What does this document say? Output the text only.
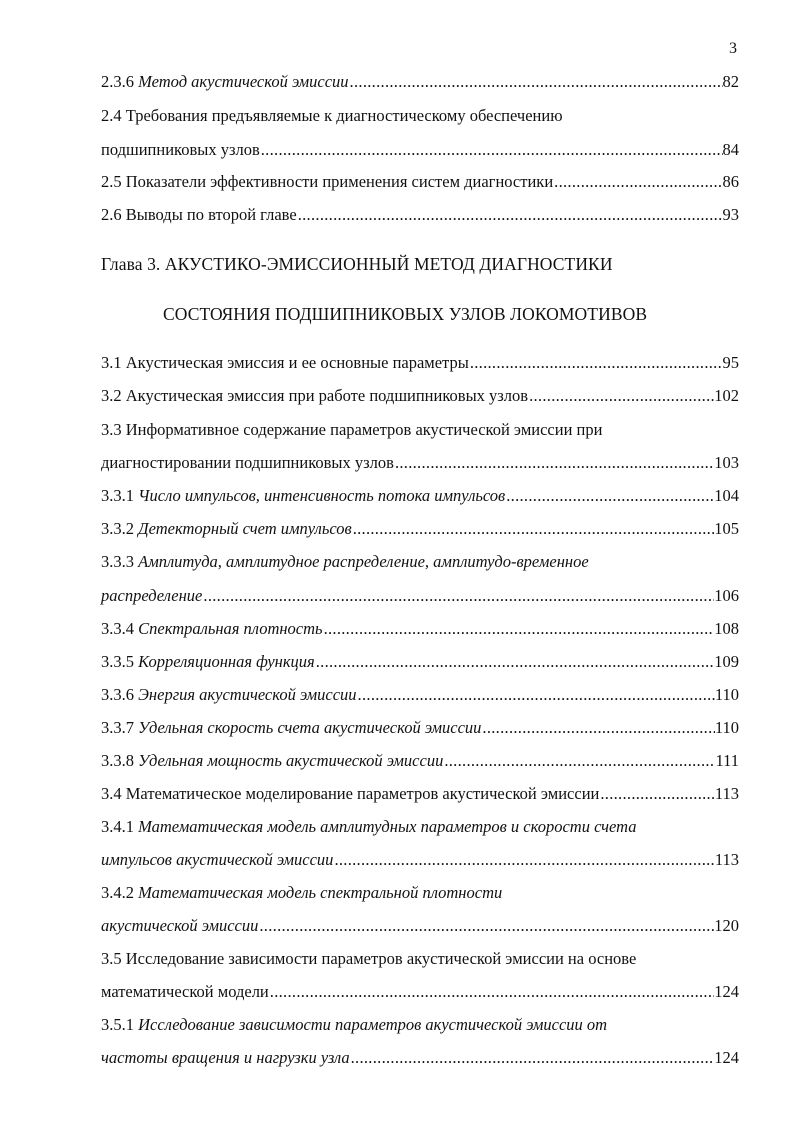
3
2.3.6 Метод акустической эмиссии .....	82
2.4 Требования предъявляемые к диагностическому обеспечению
подшипниковых узлов .....	84
2.5 Показатели эффективности применения систем диагностики .....	86
2.6 Выводы по второй главе .....	93
Глава 3. АКУСТИКО-ЭМИССИОННЫЙ МЕТОД ДИАГНОСТИКИ
СОСТОЯНИЯ ПОДШИПНИКОВЫХ УЗЛОВ ЛОКОМОТИВОВ
3.1 Акустическая эмиссия и ее основные параметры .....	95
3.2 Акустическая эмиссия при работе подшипниковых узлов .....	102
3.3 Информативное содержание параметров акустической эмиссии при
диагностировании подшипниковых узлов .....	103
3.3.1 Число импульсов, интенсивность потока импульсов .....	104
3.3.2 Детекторный счет импульсов .....	105
3.3.3 Амплитуда, амплитудное распределение, амплитудо-временное
распределение .....	106
3.3.4 Спектральная плотность .....	108
3.3.5 Корреляционная функция .....	109
3.3.6 Энергия акустической эмиссии .....	110
3.3.7 Удельная скорость счета акустической эмиссии .....	110
3.3.8 Удельная мощность акустической эмиссии .....	111
3.4 Математическое моделирование параметров акустической эмиссии .....	113
3.4.1 Математическая модель амплитудных параметров и скорости счета
импульсов акустической эмиссии .....	113
3.4.2 Математическая модель спектральной плотности
акустической эмиссии .....	120
3.5 Исследование зависимости параметров акустической эмиссии на основе
математической модели .....	124
3.5.1 Исследование зависимости параметров акустической эмиссии от
частоты вращения и нагрузки узла .....	124
